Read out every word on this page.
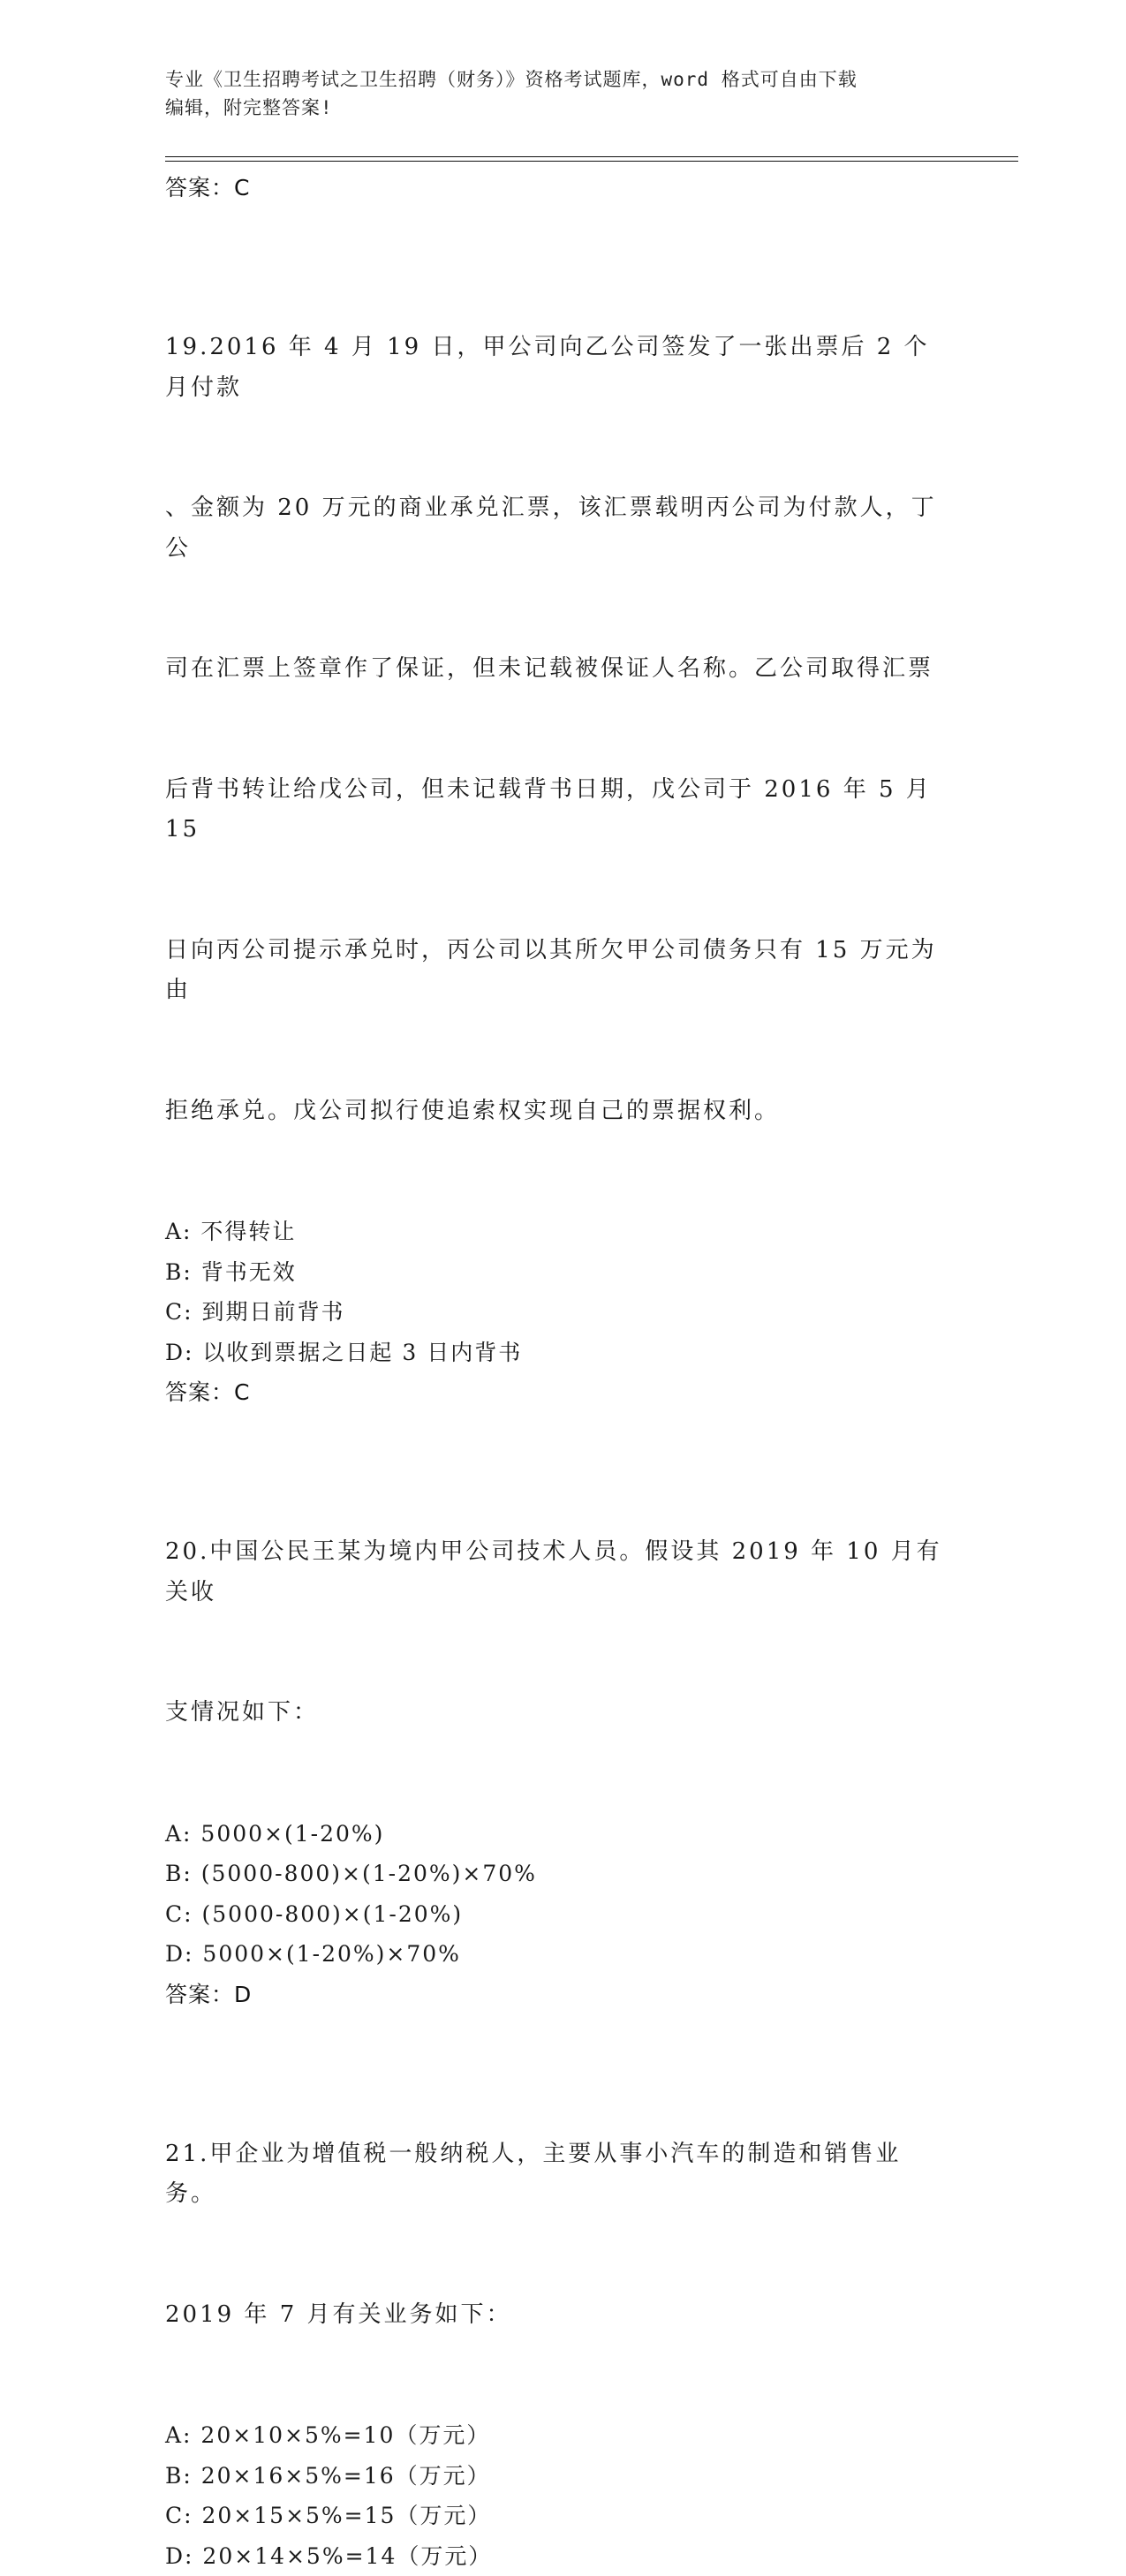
专业《卫生招聘考试之卫生招聘（财务）》资格考试题库，word 格式可自由下载
编辑，附完整答案!
答案：C

19.2016 年 4 月 19 日，甲公司向乙公司签发了一张出票后 2 个月付款

、金额为 20 万元的商业承兑汇票，该汇票载明丙公司为付款人，丁公

司在汇票上签章作了保证，但未记载被保证人名称。乙公司取得汇票

后背书转让给戊公司，但未记载背书日期，戊公司于 2016 年 5 月 15

日向丙公司提示承兑时，丙公司以其所欠甲公司债务只有 15 万元为由

拒绝承兑。戊公司拟行使追索权实现自己的票据权利。

A: 不得转让
B: 背书无效
C: 到期日前背书
D: 以收到票据之日起 3 日内背书
答案：C

20.中国公民王某为境内甲公司技术人员。假设其 2019 年 10 月有关收

支情况如下：

A: 5000×(1-20%)
B: (5000-800)×(1-20%)×70%
C: (5000-800)×(1-20%)
D: 5000×(1-20%)×70%
答案：D

21.甲企业为增值税一般纳税人，主要从事小汽车的制造和销售业务。

2019 年 7 月有关业务如下：

A: 20×10×5%=10（万元）
B: 20×16×5%=16（万元）
C: 20×15×5%=15（万元）
D: 20×14×5%=14（万元）
